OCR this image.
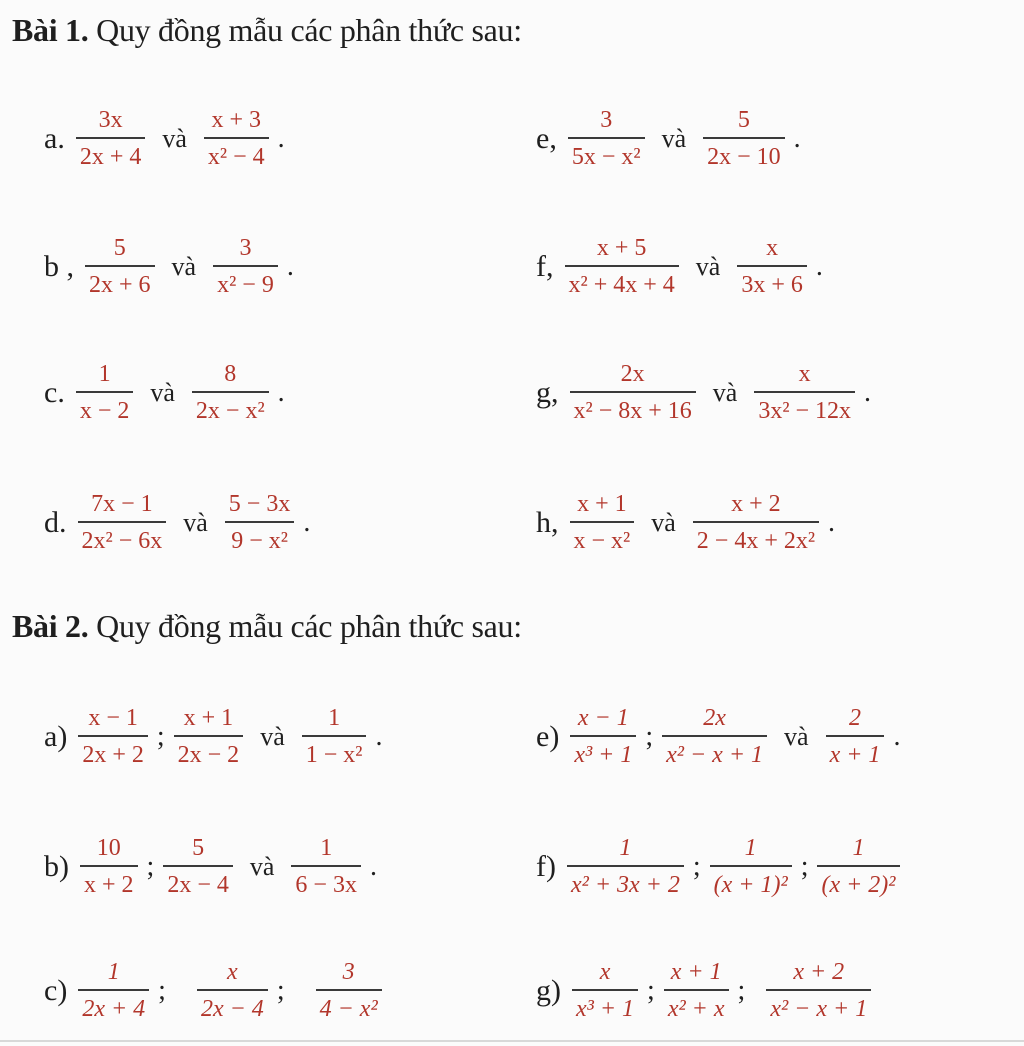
Bài 1. Quy đồng mẫu các phân thức sau:
a. $\frac{3x}{2x + 4}$ và $\frac{x + 3}{\text{x² − 4}}$ .	e, $\frac{3}{\text{5x − x²}}$ và $\frac{5}{2x - 10}$ .
b , $\frac{5}{2x + 6}$ và $\frac{3}{\text{x² − 9}}$ .	f, $\frac{x + 5}{\text{x² + 4x + 4}}$ và $\frac{x}{3x + 6}$ .
c. $\frac{1}{x - 2}$ và $\frac{8}{\text{2x − x²}}$ .	g, $\frac{2x}{\text{x² − 8x + 16}}$ và $\frac{x}{\text{3x² − 12x}}$ .
d. $\frac{7x - 1}{\text{2x² − 6x}}$ và $\frac{5 - 3x}{\text{9 − x²}}$ .	h, $\frac{x + 1}{\text{x − x²}}$ và $\frac{x + 2}{\text{2 − 4x + 2x²}}$ .
Bài 2. Quy đồng mẫu các phân thức sau:
$a) \frac{x - 1}{2x + 2}$ ; $\frac{x + 1}{2x - 2}$ và $\frac{1}{\text{1 − x²}}$ .	$e) \frac{x - 1}{\text{x³ + 1}}$ ; $\frac{2x}{\text{x² − x + 1}}$ và $\frac{2}{x + 1}$ .
$b) \frac{10}{x + 2}$ ; $\frac{5}{2x - 4}$ và $\frac{1}{6 - 3x}$ .	$f) \frac{1}{\text{x² + 3x + 2}}$ ; $\frac{1}{\text{(x + 1)²}}$ ; $\frac{1}{\text{(x + 2)²}}$
$c) \frac{1}{2x + 4}$ ; $\frac{x}{2x - 4}$ ; $\frac{3}{\text{4 − x²}}$	$g) \frac{x}{\text{x³ + 1}}$ ; $\frac{x + 1}{\text{x² + x}}$ ; $\frac{x + 2}{\text{x² − x + 1}}$
